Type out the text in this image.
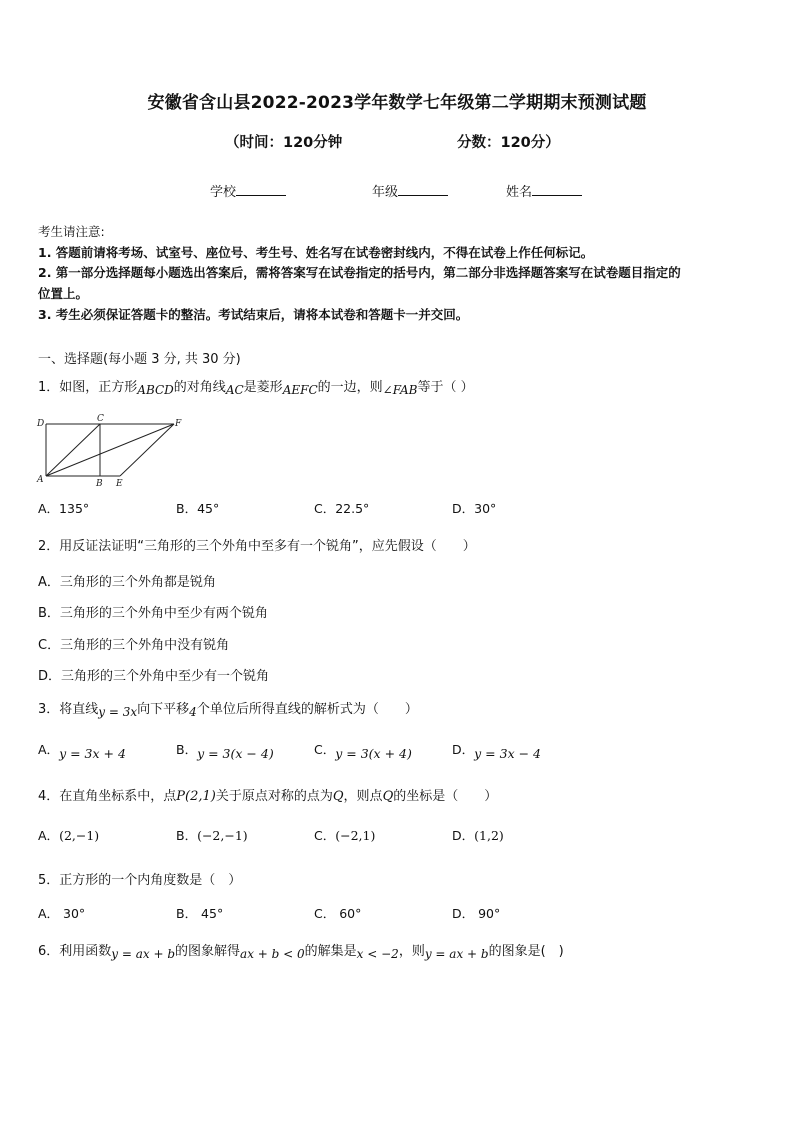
安徽省含山县2022-2023学年数学七年级第二学期期末预测试题
（时间：120分钟	分数：120分）
学校	年级	姓名
考生请注意:
1. 答题前请将考场、试室号、座位号、考生号、姓名写在试卷密封线内，不得在试卷上作任何标记。
2. 第一部分选择题每小题选出答案后，需将答案写在试卷指定的括号内，第二部分非选择题答案写在试卷题目指定的
位置上。
3. 考生必须保证答题卡的整洁。考试结束后，请将本试卷和答题卡一并交回。
一、选择题(每小题 3 分, 共 30 分)
1．如图，正方形ABCD的对角线AC是菱形AEFC的一边，则∠FAB等于（ ）
D	C	F
A	B E
A．135°	B．45°	C．22.5°	D．30°
2．用反证法证明“三角形的三个外角中至多有一个锐角”，应先假设（　　）
A．三角形的三个外角都是锐角
B．三角形的三个外角中至少有两个锐角
C．三角形的三个外角中没有锐角
D．三角形的三个外角中至少有一个锐角
3．将直线y = 3x向下平移4个单位后所得直线的解析式为（　　）
A．y = 3x + 4	B．y = 3(x − 4)	C．y = 3(x + 4)	D．y = 3x − 4
4．在直角坐标系中，点P(2,1)关于原点对称的点为Q，则点Q的坐标是（　　）
A．(2,−1)	B．(−2,−1)	C．(−2,1)	D．(1,2)
5．正方形的一个内角度数是（　）
A． 30°	B． 45°	C． 60°	D． 90°
6．利用函数y = ax + b的图象解得ax + b < 0的解集是x < −2，则y = ax + b的图象是(　)
